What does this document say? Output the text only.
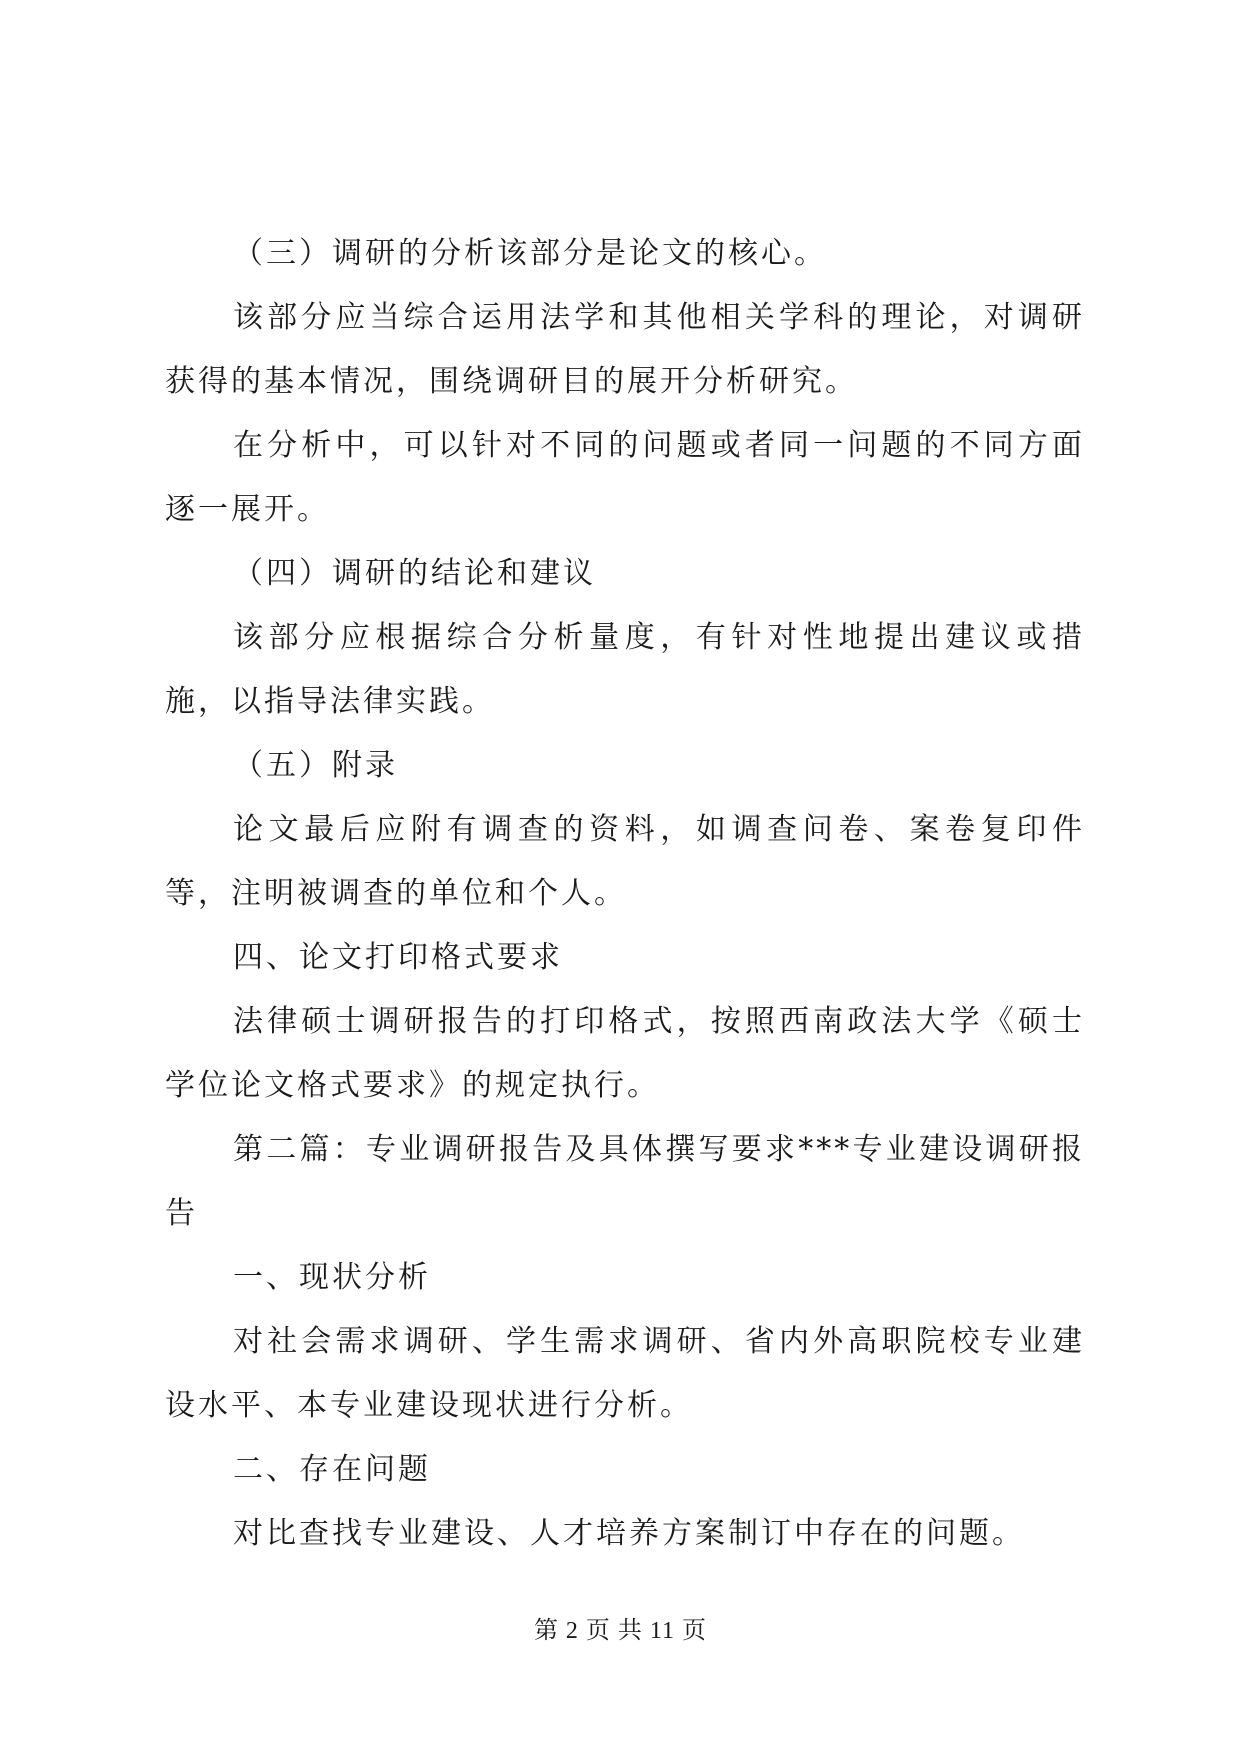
（三）调研的分析该部分是论文的核心。

该部分应当综合运用法学和其他相关学科的理论，对调研获得的基本情况，围绕调研目的展开分析研究。

在分析中，可以针对不同的问题或者同一问题的不同方面逐一展开。

（四）调研的结论和建议

该部分应根据综合分析量度，有针对性地提出建议或措施，以指导法律实践。

（五）附录

论文最后应附有调查的资料，如调查问卷、案卷复印件等，注明被调查的单位和个人。

四、论文打印格式要求

法律硕士调研报告的打印格式，按照西南政法大学《硕士学位论文格式要求》的规定执行。

第二篇：专业调研报告及具体撰写要求***专业建设调研报告

一、现状分析

对社会需求调研、学生需求调研、省内外高职院校专业建设水平、本专业建设现状进行分析。

二、存在问题

对比查找专业建设、人才培养方案制订中存在的问题。

第 2 页 共 11 页
